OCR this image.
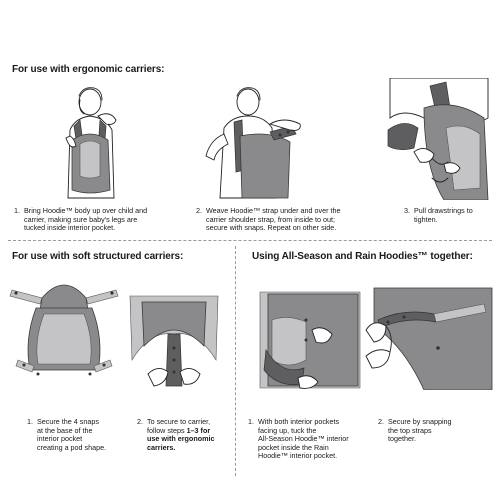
For use with ergonomic carriers:
For use with soft structured carriers:	Using All-Season and Rain Hoodies™ together:
1. Bring Hoodie™ body up over child and
carrier, making sure baby's legs are
tucked inside interior pocket.
2. Weave Hoodie™ strap under and over the
carrier shoulder strap, from inside to out;
secure with snaps. Repeat on other side.
3. Pull drawstrings to
tighten.
1. Secure the 4 snaps
at the base of the
interior pocket
creating a pod shape.
2. To secure to carrier,
follow steps 1–3 for
use with ergonomic
carriers.
1. With both interior pockets
facing up, tuck the
All-Season Hoodie™ interior
pocket inside the Rain
Hoodie™ interior pocket.
2. Secure by snapping
the top straps
together.
